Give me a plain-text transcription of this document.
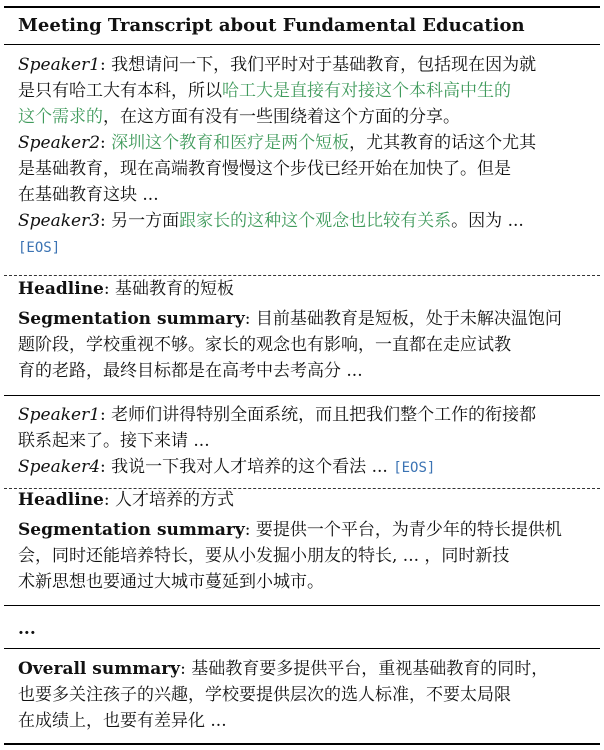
Meeting Transcript about Fundamental Education
Speaker1: 我想请问一下，我们平时对于基础教育，包括现在因为就
是只有哈工大有本科，所以哈工大是直接有对接这个本科高中生的
这个需求的，在这方面有没有一些围绕着这个方面的分享。
Speaker2: 深圳这个教育和医疗是两个短板，尤其教育的话这个尤其
是基础教育，现在高端教育慢慢这个步伐已经开始在加快了。但是
在基础教育这块 ...
Speaker3: 另一方面跟家长的这种这个观念也比较有关系。因为 ...
[EOS]
Headline: 基础教育的短板
Segmentation summary: 目前基础教育是短板，处于未解决温饱问
题阶段，学校重视不够。家长的观念也有影响，一直都在走应试教
育的老路，最终目标都是在高考中去考高分 ...
Speaker1: 老师们讲得特别全面系统，而且把我们整个工作的衔接都
联系起来了。接下来请 ...
Speaker4: 我说一下我对人才培养的这个看法 ... [EOS]
Headline: 人才培养的方式
Segmentation summary: 要提供一个平台，为青少年的特长提供机
会，同时还能培养特长，要从小发掘小朋友的特长, ... ，同时新技
术新思想也要通过大城市蔓延到小城市。
...
Overall summary: 基础教育要多提供平台，重视基础教育的同时，
也要多关注孩子的兴趣，学校要提供层次的选人标准，不要太局限
在成绩上，也要有差异化 ...
